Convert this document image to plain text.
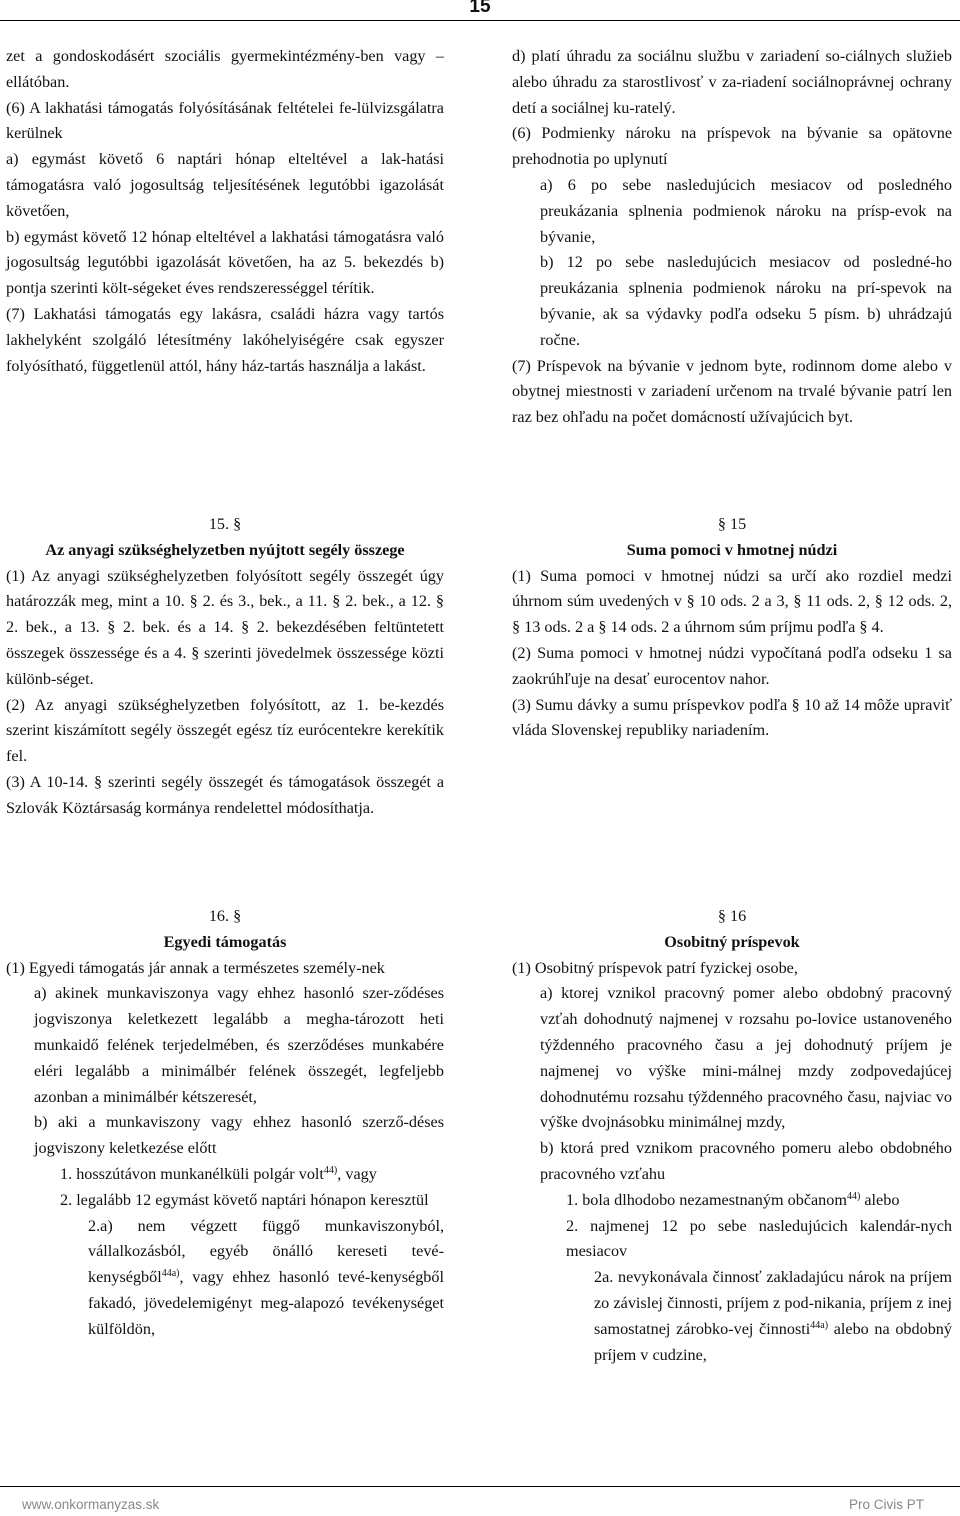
15

zet a gondoskodásért szociális gyermekintézmény-ben vagy –ellátóban.

(6) A lakhatási támogatás folyósításának feltételei fe-lülvizsgálatra kerülnek

a) egymást követő 6 naptári hónap elteltével a lak-hatási támogatásra való jogosultság teljesítésének legutóbbi igazolását követően,

b) egymást követő 12 hónap elteltével a lakhatási támogatásra való jogosultság legutóbbi igazolását követően, ha az 5. bekezdés b) pontja szerinti költ-ségeket éves rendszerességgel térítik.

(7) Lakhatási támogatás egy lakásra, családi házra vagy tartós lakhelyként szolgáló létesítmény lakóhelyiségére csak egyszer folyósítható, függetlenül attól, hány ház-tartás használja a lakást.

d) platí úhradu za sociálnu službu v zariadení so-ciálnych služieb alebo úhradu za starostlivosť v za-riadení sociálnoprávnej ochrany detí a sociálnej ku-ratelý.

(6) Podmienky nároku na príspevok na bývanie sa opätovne prehodnotia po uplynutí

a) 6 po sebe nasledujúcich mesiacov od posledného preukázania splnenia podmienok nároku na prísp-evok na bývanie,

b) 12 po sebe nasledujúcich mesiacov od posledné-ho preukázania splnenia podmienok nároku na prí-spevok na bývanie, ak sa výdavky podľa odseku 5 písm. b) uhrádzajú ročne.

(7) Príspevok na bývanie v jednom byte, rodinnom dome alebo v obytnej miestnosti v zariadení určenom na trvalé bývanie patrí len raz bez ohľadu na počet domácností užívajúcich byt.

15. §

Az anyagi szükséghelyzetben nyújtott segély összege

(1) Az anyagi szükséghelyzetben folyósított segély összegét úgy határozzák meg, mint a 10. § 2. és 3., bek., a 11. § 2. bek., a 12. § 2. bek., a 13. § 2. bek. és a 14. § 2. bekezdésében feltüntetett összegek összessége és a 4. § szerinti jövedelmek összessége közti különb-séget.

(2) Az anyagi szükséghelyzetben folyósított, az 1. be-kezdés szerint kiszámított segély összegét egész tíz eurócentekre kerekítik fel.

(3) A 10-14. § szerinti segély összegét és támogatások összegét a Szlovák Köztársaság kormánya rendelettel módosíthatja.

§ 15

Suma pomoci v hmotnej núdzi

(1) Suma pomoci v hmotnej núdzi sa určí ako rozdiel medzi úhrnom súm uvedených v § 10 ods. 2 a 3, § 11 ods. 2, § 12 ods. 2, § 13 ods. 2 a § 14 ods. 2 a úhrnom súm príjmu podľa § 4.

(2) Suma pomoci v hmotnej núdzi vypočítaná podľa odseku 1 sa zaokrúhľuje na desať eurocentov nahor.

(3) Sumu dávky a sumu príspevkov podľa § 10 až 14 môže upraviť vláda Slovenskej republiky nariadením.

16. §

Egyedi támogatás

(1) Egyedi támogatás jár annak a természetes személy-nek

a) akinek munkaviszonya vagy ehhez hasonló szer-ződéses jogviszonya keletkezett legalább a megha-tározott heti munkaidő felének terjedelmében, és szerződéses munkabére eléri legalább a minimálbér felének összegét, legfeljebb azonban a minimálbér kétszeresét,

b) aki a munkaviszony vagy ehhez hasonló szerző-déses jogviszony keletkezése előtt

1. hosszútávon munkanélküli polgár volt$^{44)}$, vagy

2. legalább 12 egymást követő naptári hónapon keresztül

2.a) nem végzett függő munkaviszonyból, vállalkozásból, egyéb önálló kereseti tevé-kenységből$^{44a)}$, vagy ehhez hasonló tevé-kenységből fakadó, jövedelemigényt meg-alapozó tevékenységet külföldön,

§ 16

Osobitný príspevok

(1) Osobitný príspevok patrí fyzickej osobe,

a) ktorej vznikol pracovný pomer alebo obdobný pracovný vzťah dohodnutý najmenej v rozsahu po-lovice ustanoveného týždenného pracovného času a jej dohodnutý príjem je najmenej vo výške mini-málnej mzdy zodpovedajúcej dohodnutému rozsahu týždenného pracovného času, najviac vo výške dvojnásobku minimálnej mzdy,

b) ktorá pred vznikom pracovného pomeru alebo obdobného pracovného vzťahu

1. bola dlhodobo nezamestnaným občanom$^{44)}$ alebo

2. najmenej 12 po sebe nasledujúcich kalendár-nych mesiacov

2a. nevykonávala činnosť zakladajúcu nárok na príjem zo závislej činnosti, príjem z pod-nikania, príjem z inej samostatnej zárobko-vej činnosti$^{44a)}$ alebo na obdobný príjem v cudzine,

www.onkormanyzas.sk	Pro Civis PT
